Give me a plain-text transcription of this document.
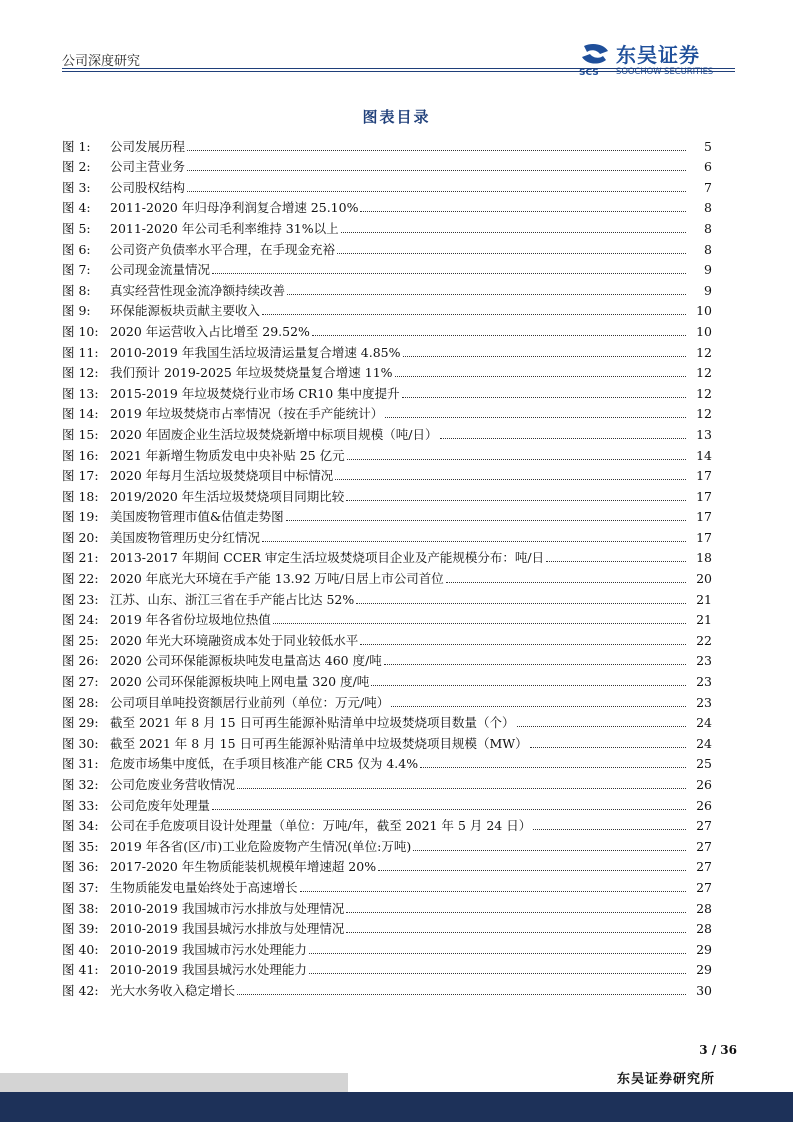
公司深度研究
SCS
东吴证券
SOOCHOW SECURITIES
图表目录
图 1: 公司发展历程	5
图 2: 公司主营业务	6
图 3: 公司股权结构	7
图 4: 2011-2020 年归母净利润复合增速 25.10%	8
图 5: 2011-2020 年公司毛利率维持 31%以上	8
图 6: 公司资产负债率水平合理，在手现金充裕	8
图 7: 公司现金流量情况	9
图 8: 真实经营性现金流净额持续改善	9
图 9: 环保能源板块贡献主要收入	10
图 10: 2020 年运营收入占比增至 29.52%	10
图 11: 2010-2019 年我国生活垃圾清运量复合增速 4.85%	12
图 12: 我们预计 2019-2025 年垃圾焚烧量复合增速 11%	12
图 13: 2015-2019 年垃圾焚烧行业市场 CR10 集中度提升	12
图 14: 2019 年垃圾焚烧市占率情况（按在手产能统计）	12
图 15: 2020 年固废企业生活垃圾焚烧新增中标项目规模（吨/日）	13
图 16: 2021 年新增生物质发电中央补贴 25 亿元	14
图 17: 2020 年每月生活垃圾焚烧项目中标情况	17
图 18: 2019/2020 年生活垃圾焚烧项目同期比较	17
图 19: 美国废物管理市值&估值走势图	17
图 20: 美国废物管理历史分红情况	17
图 21: 2013-2017 年期间 CCER 审定生活垃圾焚烧项目企业及产能规模分布：吨/日	18
图 22: 2020 年底光大环境在手产能 13.92 万吨/日居上市公司首位	20
图 23: 江苏、山东、浙江三省在手产能占比达 52%	21
图 24: 2019 年各省份垃圾地位热值	21
图 25: 2020 年光大环境融资成本处于同业较低水平	22
图 26: 2020 公司环保能源板块吨发电量高达 460 度/吨	23
图 27: 2020 公司环保能源板块吨上网电量 320 度/吨	23
图 28: 公司项目单吨投资额居行业前列（单位：万元/吨）	23
图 29: 截至 2021 年 8 月 15 日可再生能源补贴清单中垃圾焚烧项目数量（个）	24
图 30: 截至 2021 年 8 月 15 日可再生能源补贴清单中垃圾焚烧项目规模（MW）	24
图 31: 危废市场集中度低，在手项目核准产能 CR5 仅为 4.4%	25
图 32: 公司危废业务营收情况	26
图 33: 公司危废年处理量	26
图 34: 公司在手危废项目设计处理量（单位：万吨/年，截至 2021 年 5 月 24 日）	27
图 35: 2019 年各省(区/市)工业危险废物产生情况(单位:万吨)	27
图 36: 2017-2020 年生物质能装机规模年增速超 20%	27
图 37: 生物质能发电量始终处于高速增长	27
图 38: 2010-2019 我国城市污水排放与处理情况	28
图 39: 2010-2019 我国县城污水排放与处理情况	28
图 40: 2010-2019 我国城市污水处理能力	29
图 41: 2010-2019 我国县城污水处理能力	29
图 42: 光大水务收入稳定增长	30
3 / 36
东吴证券研究所
